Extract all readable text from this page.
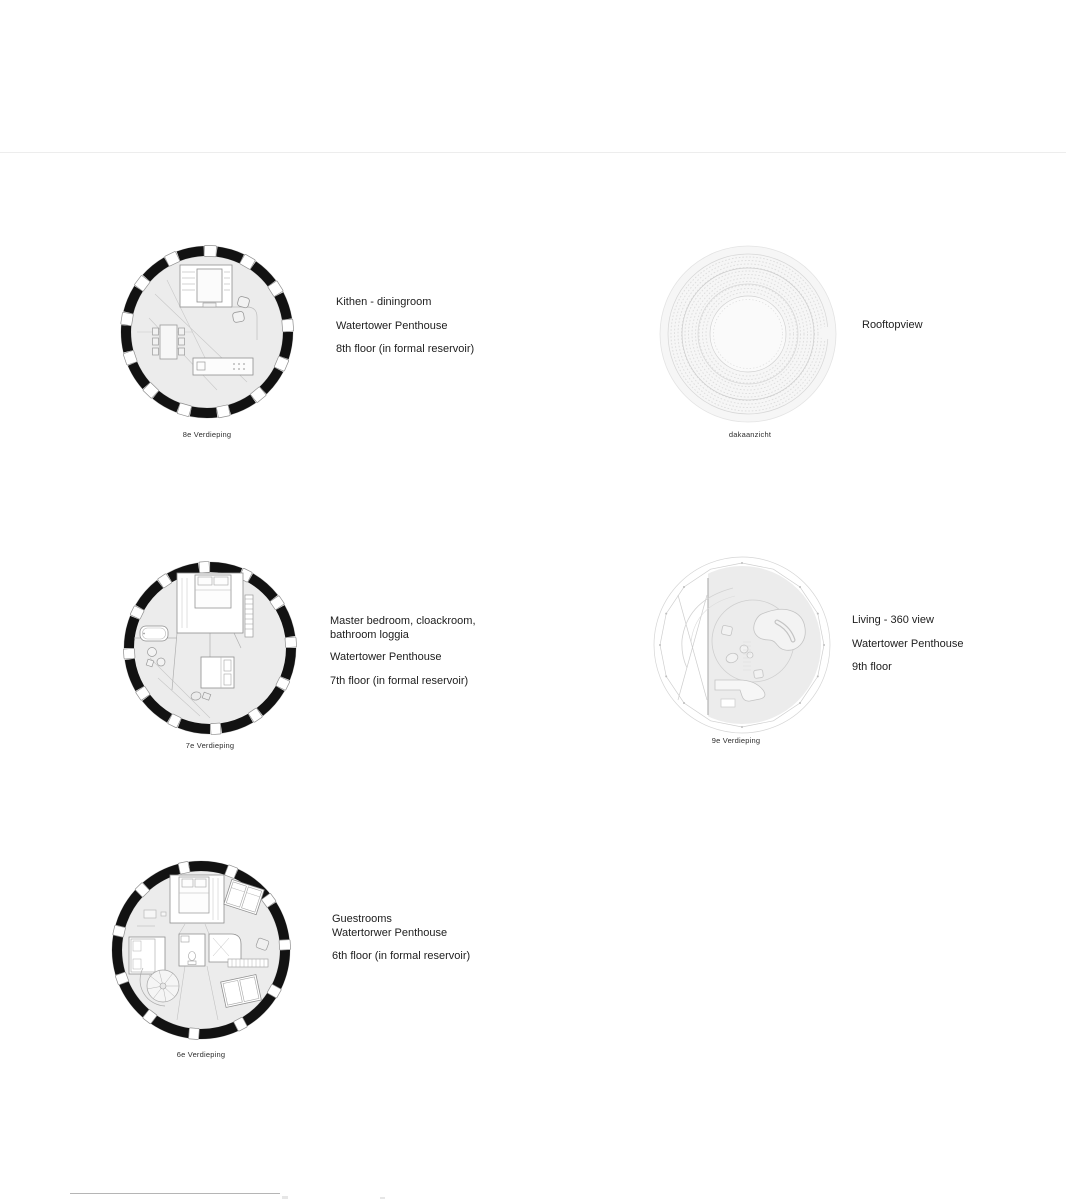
Kithen - diningroom
Watertower Penthouse
8th floor (in formal reservoir)
8e Verdieping
Rooftopview
dakaanzicht
Master bedroom, cloackroom, bathroom loggia
Watertower Penthouse
7th floor (in formal reservoir)
7e Verdieping
Living - 360 view
Watertower Penthouse
9th floor
9e Verdieping
Guestrooms
Watertorwer Penthouse
6th floor (in formal reservoir)
6e Verdieping
